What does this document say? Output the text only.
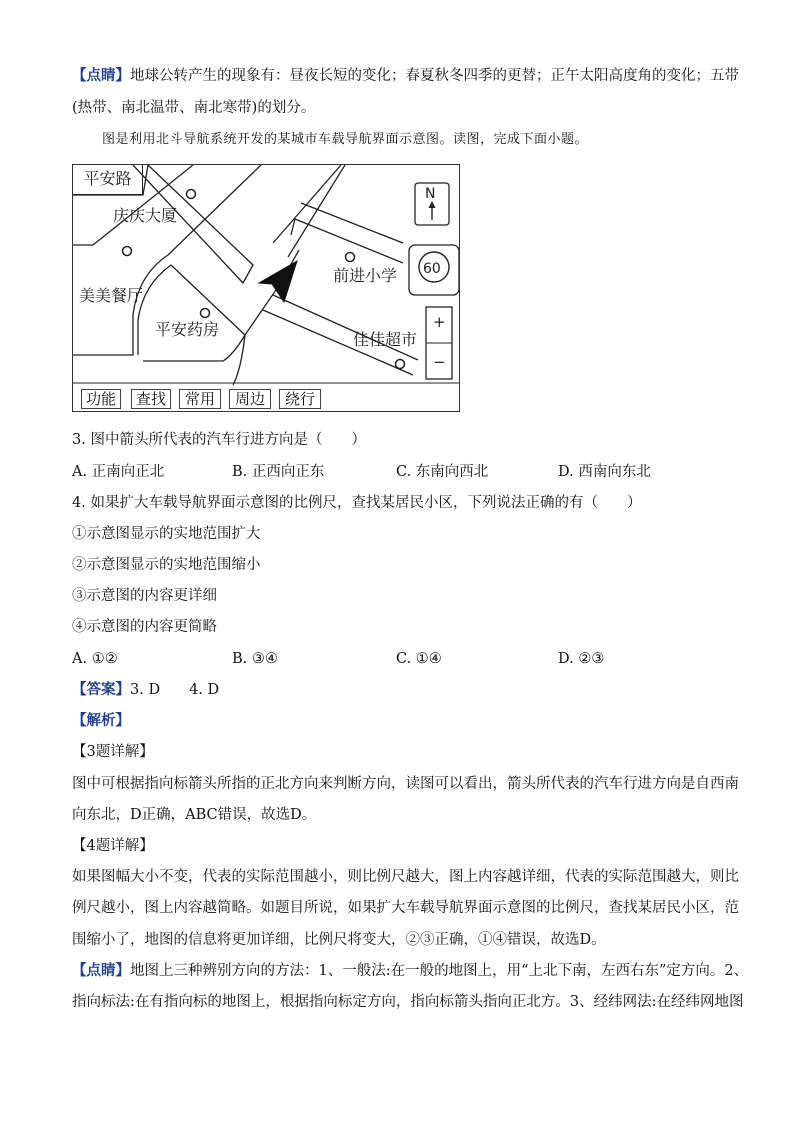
【点睛】地球公转产生的现象有：昼夜长短的变化；春夏秋冬四季的更替；正午太阳高度角的变化；五带
(热带、南北温带、南北寒带)的划分。
图是利用北斗导航系统开发的某城市车载导航界面示意图。读图，完成下面小题。
平安路
庆庆大厦
美美餐厅
平安药房
前进小学
佳佳超市
N
60
+
−
功能	查找	常用	周边	绕行
3. 图中箭头所代表的汽车行进方向是（　　）
A. 正南向正北	B. 正西向正东	C. 东南向西北	D. 西南向东北
4. 如果扩大车载导航界面示意图的比例尺，查找某居民小区，下列说法正确的有（　　）
①示意图显示的实地范围扩大
②示意图显示的实地范围缩小
③示意图的内容更详细
④示意图的内容更简略
A. ①②	B. ③④	C. ①④	D. ②③
【答案】3. D　　4. D
【解析】
【3题详解】
图中可根据指向标箭头所指的正北方向来判断方向，读图可以看出，箭头所代表的汽车行进方向是自西南
向东北，D正确，ABC错误，故选D。
【4题详解】
如果图幅大小不变，代表的实际范围越小，则比例尺越大，图上内容越详细，代表的实际范围越大，则比
例尺越小，图上内容越简略。如题目所说，如果扩大车载导航界面示意图的比例尺，查找某居民小区，范
围缩小了，地图的信息将更加详细，比例尺将变大，②③正确，①④错误，故选D。
【点睛】地图上三种辨别方向的方法：1、一般法:在一般的地图上，用“上北下南，左西右东”定方向。2、
指向标法:在有指向标的地图上，根据指向标定方向，指向标箭头指向正北方。3、经纬网法:在经纬网地图
